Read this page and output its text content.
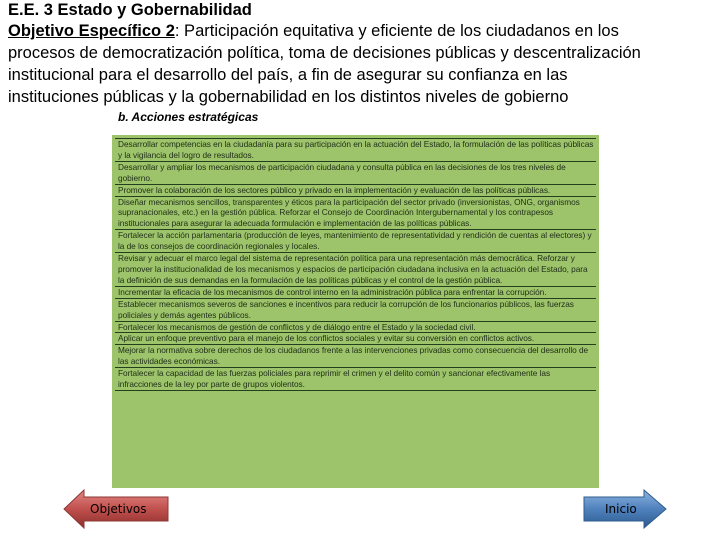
E.E. 3 Estado y Gobernabilidad
Objetivo Específico 2: Participación equitativa y eficiente de los ciudadanos en los
procesos de democratización política, toma de decisiones públicas y descentralización
institucional para el desarrollo del país, a fin de asegurar su confianza en las
instituciones públicas y la gobernabilidad en los distintos niveles de gobierno
b. Acciones estratégicas
Desarrollar competencias en la ciudadanía para su participación en la actuación del Estado, la formulación de las políticas públicas y la vigilancia del logro de resultados.
Desarrollar y ampliar los mecanismos de participación ciudadana y consulta pública en las decisiones de los tres niveles de gobierno.
Promover la colaboración de los sectores público y privado en la implementación y evaluación de las políticas públicas.
Diseñar mecanismos sencillos, transparentes y éticos para la participación del sector privado (inversionistas, ONG, organismos supranacionales, etc.) en la gestión pública. Reforzar el Consejo de Coordinación Intergubernamental y los contrapesos institucionales para asegurar la adecuada formulación e implementación de las políticas públicas.
Fortalecer la acción parlamentaria (producción de leyes, mantenimiento de representatividad y rendición de cuentas al electores) y la de los consejos de coordinación regionales y locales.
Revisar y adecuar el marco legal del sistema de representación política para una representación más democrática. Reforzar y promover la institucionalidad de los mecanismos y espacios de participación ciudadana inclusiva en la actuación del Estado, para la definición de sus demandas en la formulación de las políticas públicas y el control de la gestión pública.
Incrementar la eficacia de los mecanismos de control interno en la administración pública para enfrentar la corrupción.
Establecer mecanismos severos de sanciones e incentivos para reducir la corrupción de los funcionarios públicos, las fuerzas policiales y demás agentes públicos.
Fortalecer los mecanismos de gestión de conflictos y de diálogo entre el Estado y la sociedad civil.
Aplicar un enfoque preventivo para el manejo de los conflictos sociales y evitar su conversión en conflictos activos.
Mejorar la normativa sobre derechos de los ciudadanos frente a las intervenciones privadas como consecuencia del desarrollo de las actividades económicas.
Fortalecer la capacidad de las fuerzas policiales para reprimir el crimen y el delito común y sancionar efectivamente las infracciones de la ley por parte de grupos violentos.
Objetivos	Inicio
